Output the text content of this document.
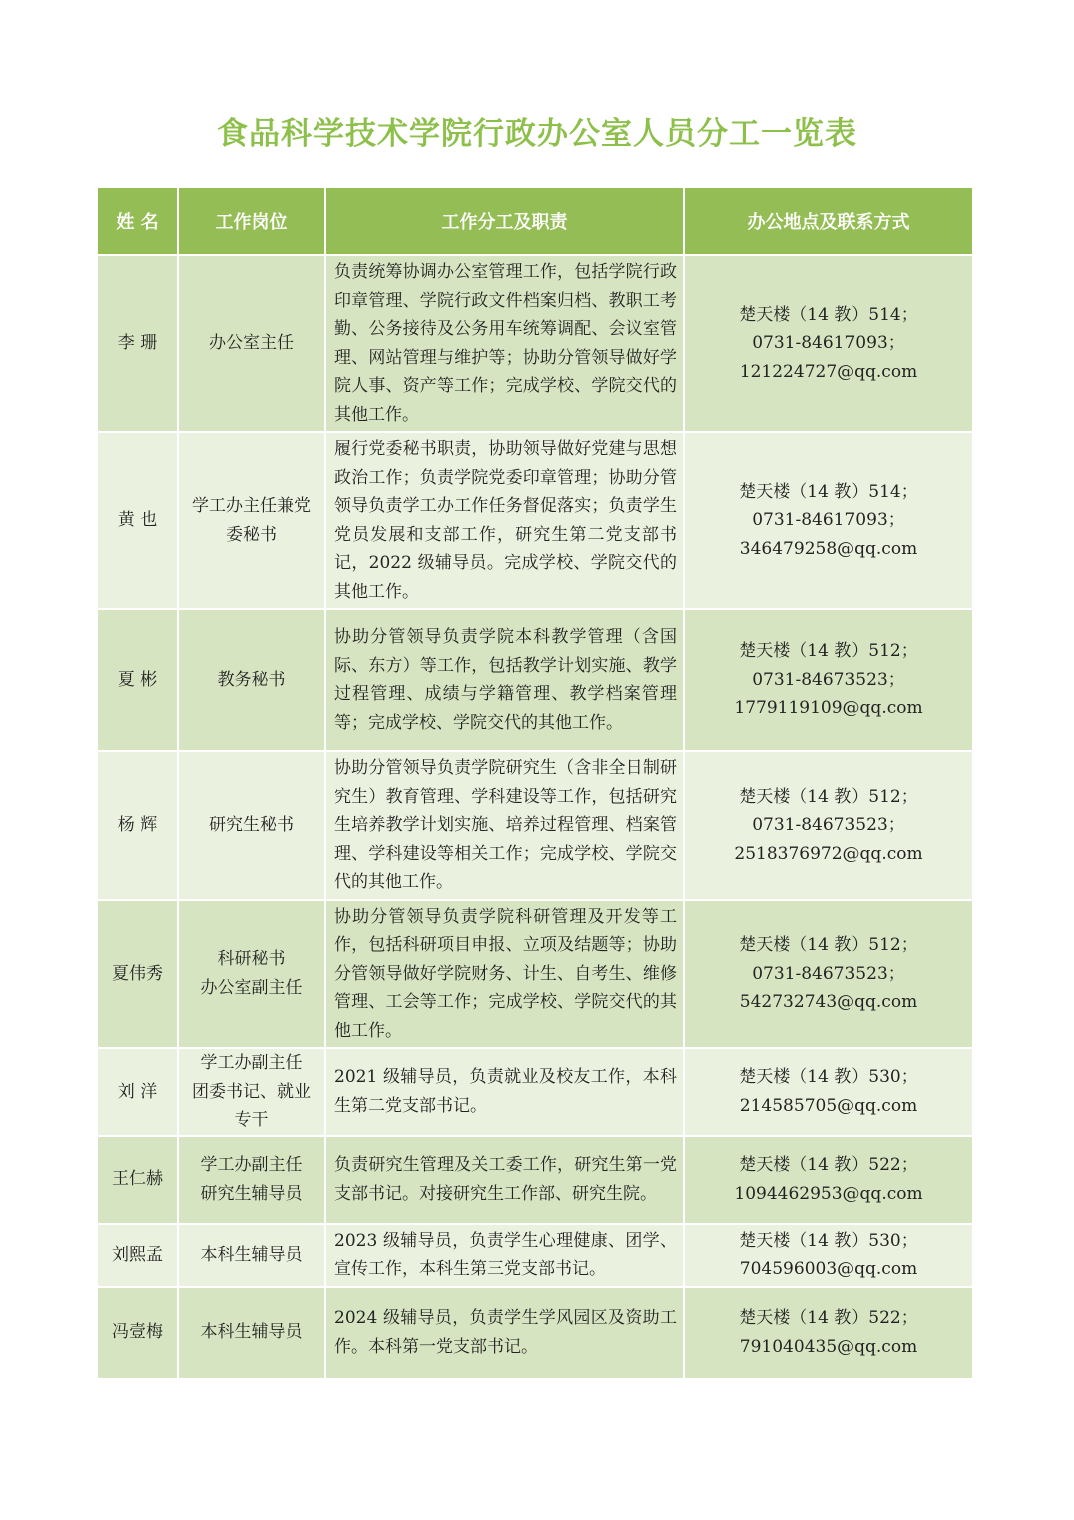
食品科学技术学院行政办公室人员分工一览表
姓 名	工作岗位	工作分工及职责	办公地点及联系方式
李 珊	办公室主任	负责统筹协调办公室管理工作，包括学院行政印章管理、学院行政文件档案归档、教职工考勤、公务接待及公务用车统筹调配、会议室管理、网站管理与维护等；协助分管领导做好学院人事、资产等工作；完成学校、学院交代的其他工作。	楚天楼（14 教）514；
0731-84617093；
121224727@qq.com

黄 也	学工办主任兼党
委秘书	履行党委秘书职责，协助领导做好党建与思想政治工作；负责学院党委印章管理；协助分管领导负责学工办工作任务督促落实；负责学生党员发展和支部工作，研究生第二党支部书记，2022 级辅导员。完成学校、学院交代的其他工作。	楚天楼（14 教）514；
0731-84617093；
346479258@qq.com

夏 彬	教务秘书	协助分管领导负责学院本科教学管理（含国际、东方）等工作，包括教学计划实施、教学过程管理、成绩与学籍管理、教学档案管理等；完成学校、学院交代的其他工作。	楚天楼（14 教）512；
0731-84673523；
1779119109@qq.com

杨 辉	研究生秘书	协助分管领导负责学院研究生（含非全日制研究生）教育管理、学科建设等工作，包括研究生培养教学计划实施、培养过程管理、档案管理、学科建设等相关工作；完成学校、学院交代的其他工作。	楚天楼（14 教）512；
0731-84673523；
2518376972@qq.com

夏伟秀	科研秘书
办公室副主任	协助分管领导负责学院科研管理及开发等工作，包括科研项目申报、立项及结题等；协助分管领导做好学院财务、计生、自考生、维修管理、工会等工作；完成学校、学院交代的其他工作。	楚天楼（14 教）512；
0731-84673523；
542732743@qq.com

刘 洋	学工办副主任
团委书记、就业
专干	2021 级辅导员，负责就业及校友工作，本科生第二党支部书记。	楚天楼（14 教）530；
214585705@qq.com

王仁赫	学工办副主任
研究生辅导员	负责研究生管理及关工委工作，研究生第一党支部书记。对接研究生工作部、研究生院。	楚天楼（14 教）522；
1094462953@qq.com

刘熙孟	本科生辅导员	2023 级辅导员，负责学生心理健康、团学、宣传工作，本科生第三党支部书记。	楚天楼（14 教）530；
704596003@qq.com

冯壹梅	本科生辅导员	2024 级辅导员，负责学生学风园区及资助工作。本科第一党支部书记。	楚天楼（14 教）522；
791040435@qq.com
